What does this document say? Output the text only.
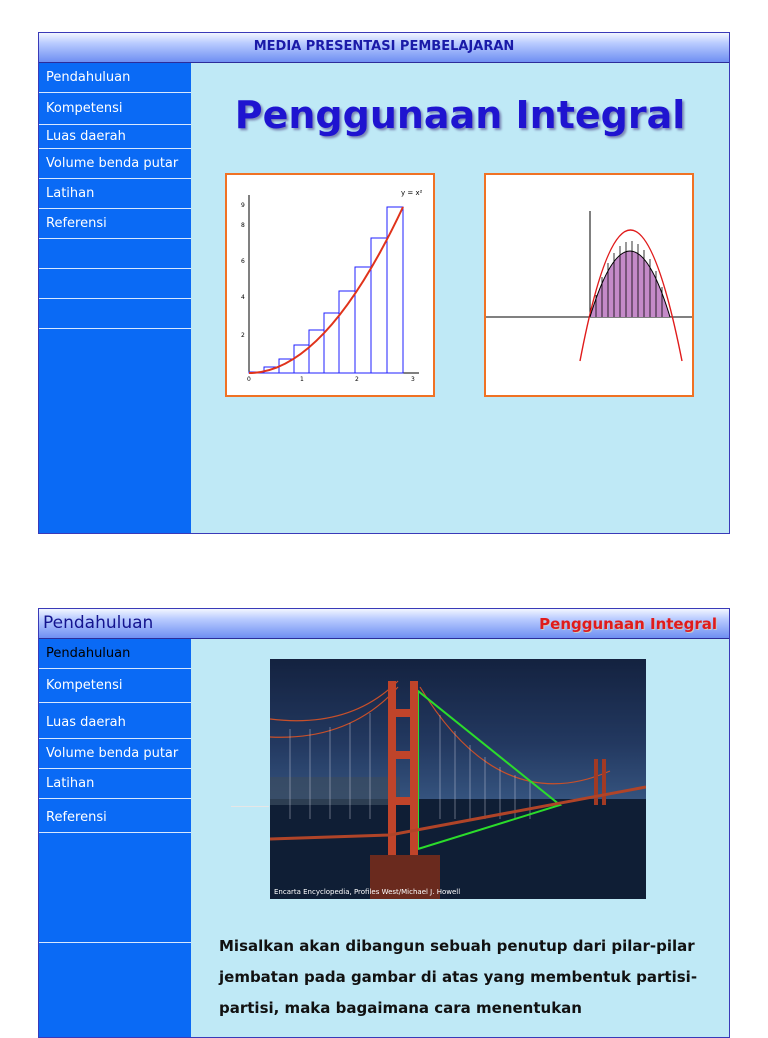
MEDIA PRESENTASI PEMBELAJARAN
Pendahuluan
Kompetensi
Luas daerah
Volume benda putar
Latihan
Referensi
Penggunaan Integral
0	1	2	3
2
4
6
8
9
y = x²
Pendahuluan	Penggunaan Integral
Pendahuluan
Kompetensi
Luas daerah
Volume benda putar
Latihan
Referensi
Encarta Encyclopedia, Profiles West/Michael J. Howell
Misalkan akan dibangun sebuah penutup dari pilar-pilar jembatan pada gambar di atas yang membentuk partisi-partisi, maka bagaimana cara menentukan
